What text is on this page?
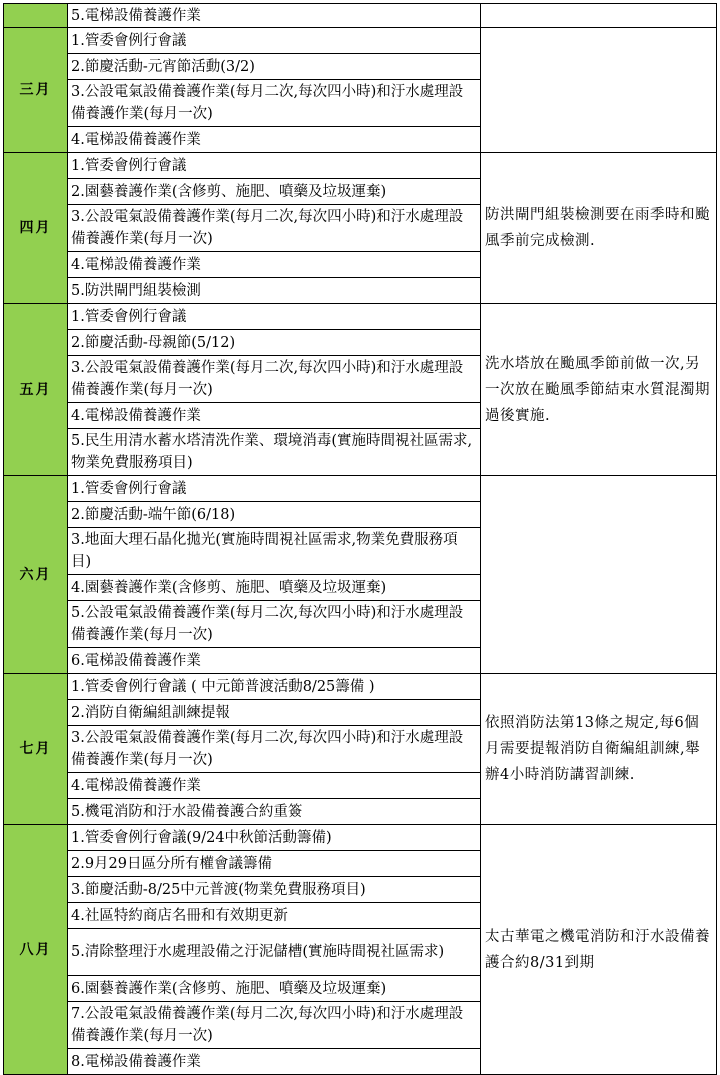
	5.電梯設備養護作業	
三月	1.管委會例行會議	
	2.節慶活動-元宵節活動(3/2)	
	3.公設電氣設備養護作業(每月二次,每次四小時)和汙水處理設備養護作業(每月一次)	
	4.電梯設備養護作業	
四月	1.管委會例行會議	防洪閘門組裝檢測要在雨季時和颱風季前完成檢測.
	2.園藝養護作業(含修剪、施肥、噴藥及垃圾運棄)	
	3.公設電氣設備養護作業(每月二次,每次四小時)和汙水處理設備養護作業(每月一次)	
	4.電梯設備養護作業	
	5.防洪閘門組裝檢測	
五月	1.管委會例行會議	洗水塔放在颱風季節前做一次,另一次放在颱風季節結束水質混濁期過後實施.
	2.節慶活動-母親節(5/12)	
	3.公設電氣設備養護作業(每月二次,每次四小時)和汙水處理設備養護作業(每月一次)	
	4.電梯設備養護作業	
	5.民生用清水蓄水塔清洗作業、環境消毒(實施時間視社區需求,物業免費服務項目)	
六月	1.管委會例行會議	
	2.節慶活動-端午節(6/18)	
	3.地面大理石晶化拋光(實施時間視社區需求,物業免費服務項目)	
	4.園藝養護作業(含修剪、施肥、噴藥及垃圾運棄)	
	5.公設電氣設備養護作業(每月二次,每次四小時)和汙水處理設備養護作業(每月一次)	
	6.電梯設備養護作業	
七月	1.管委會例行會議 ( 中元節普渡活動8/25籌備 )	依照消防法第13條之規定,每6個月需要提報消防自衛編組訓練,舉辦4小時消防講習訓練.
	2.消防自衛編組訓練提報	
	3.公設電氣設備養護作業(每月二次,每次四小時)和汙水處理設備養護作業(每月一次)	
	4.電梯設備養護作業	
	5.機電消防和汙水設備養護合約重簽	
八月	1.管委會例行會議(9/24中秋節活動籌備)	太古華電之機電消防和汙水設備養護合約8/31到期
	2.9月29日區分所有權會議籌備	
	3.節慶活動-8/25中元普渡(物業免費服務項目)	
	4.社區特約商店名冊和有效期更新	
	5.清除整理汙水處理設備之汙泥儲槽(實施時間視社區需求)	
	6.園藝養護作業(含修剪、施肥、噴藥及垃圾運棄)	
	7.公設電氣設備養護作業(每月二次,每次四小時)和汙水處理設備養護作業(每月一次)	
	8.電梯設備養護作業	
